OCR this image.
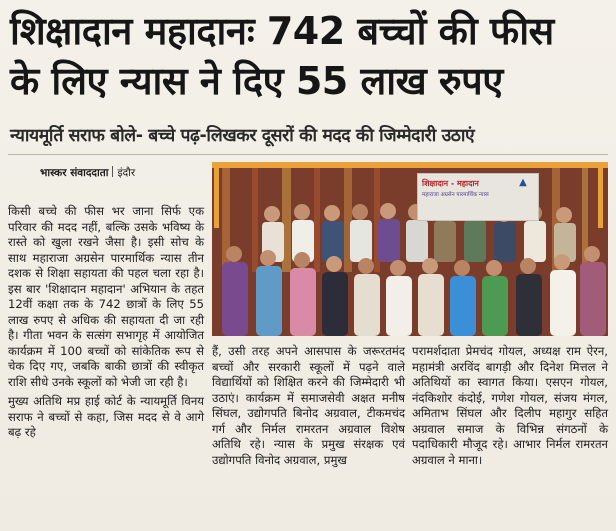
शिक्षादान महादानः 742 बच्चों की फीस
के लिए न्यास ने दिए 55 लाख रुपए
न्यायमूर्ति सराफ बोले- बच्चे पढ़-लिखकर दूसरों की मदद की जिम्मेदारी उठाएं
भास्कर संवाददाता इंदौर
शिक्षादान - महादान
महाराजा अग्रसेन पारमार्थिक न्यास
▲

किसी बच्चे की फीस भर जाना सिर्फ एक परिवार की मदद नहीं, बल्कि उसके भविष्य के रास्ते को खुला रखने जैसा है। इसी सोच के साथ महाराजा अग्रसेन पारमार्थिक न्यास तीन दशक से शिक्षा सहायता की पहल चला रहा है। इस बार 'शिक्षादान महादान' अभियान के तहत 12वीं कक्षा तक के 742 छात्रों के लिए 55 लाख रुपए से अधिक की सहायता दी जा रही है। गीता भवन के सत्संग सभागृह में आयोजित कार्यक्रम में 100 बच्चों को सांकेतिक रूप से चेक दिए गए, जबकि बाकी छात्रों की स्वीकृत राशि सीधे उनके स्कूलों को भेजी जा रही है।

मुख्य अतिथि मप्र हाई कोर्ट के न्यायमूर्ति विनय सराफ ने बच्चों से कहा, जिस मदद से वे आगे बढ़ रहे

हैं, उसी तरह अपने आसपास के जरूरतमंद बच्चों और सरकारी स्कूलों में पढ़ने वाले विद्यार्थियों को शिक्षित करने की जिम्मेदारी भी उठाएं। कार्यक्रम में समाजसेवी अक्षत मनीष सिंघल, उद्योगपति बिनोद अग्रवाल, टीकमचंद गर्ग और निर्मल रामरतन अग्रवाल विशेष अतिथि रहे। न्यास के प्रमुख संरक्षक एवं उद्योगपति विनोद अग्रवाल, प्रमुख

परामर्शदाता प्रेमचंद गोयल, अध्यक्ष राम ऐरन, महामंत्री अरविंद बागड़ी और दिनेश मित्तल ने अतिथियों का स्वागत किया। एसएन गोयल, नंदकिशोर कंदोई, गणेश गोयल, संजय मंगल, अमिताभ सिंघल और दिलीप महागुर सहित अग्रवाल समाज के विभिन्न संगठनों के पदाधिकारी मौजूद रहे। आभार निर्मल रामरतन अग्रवाल ने माना।
